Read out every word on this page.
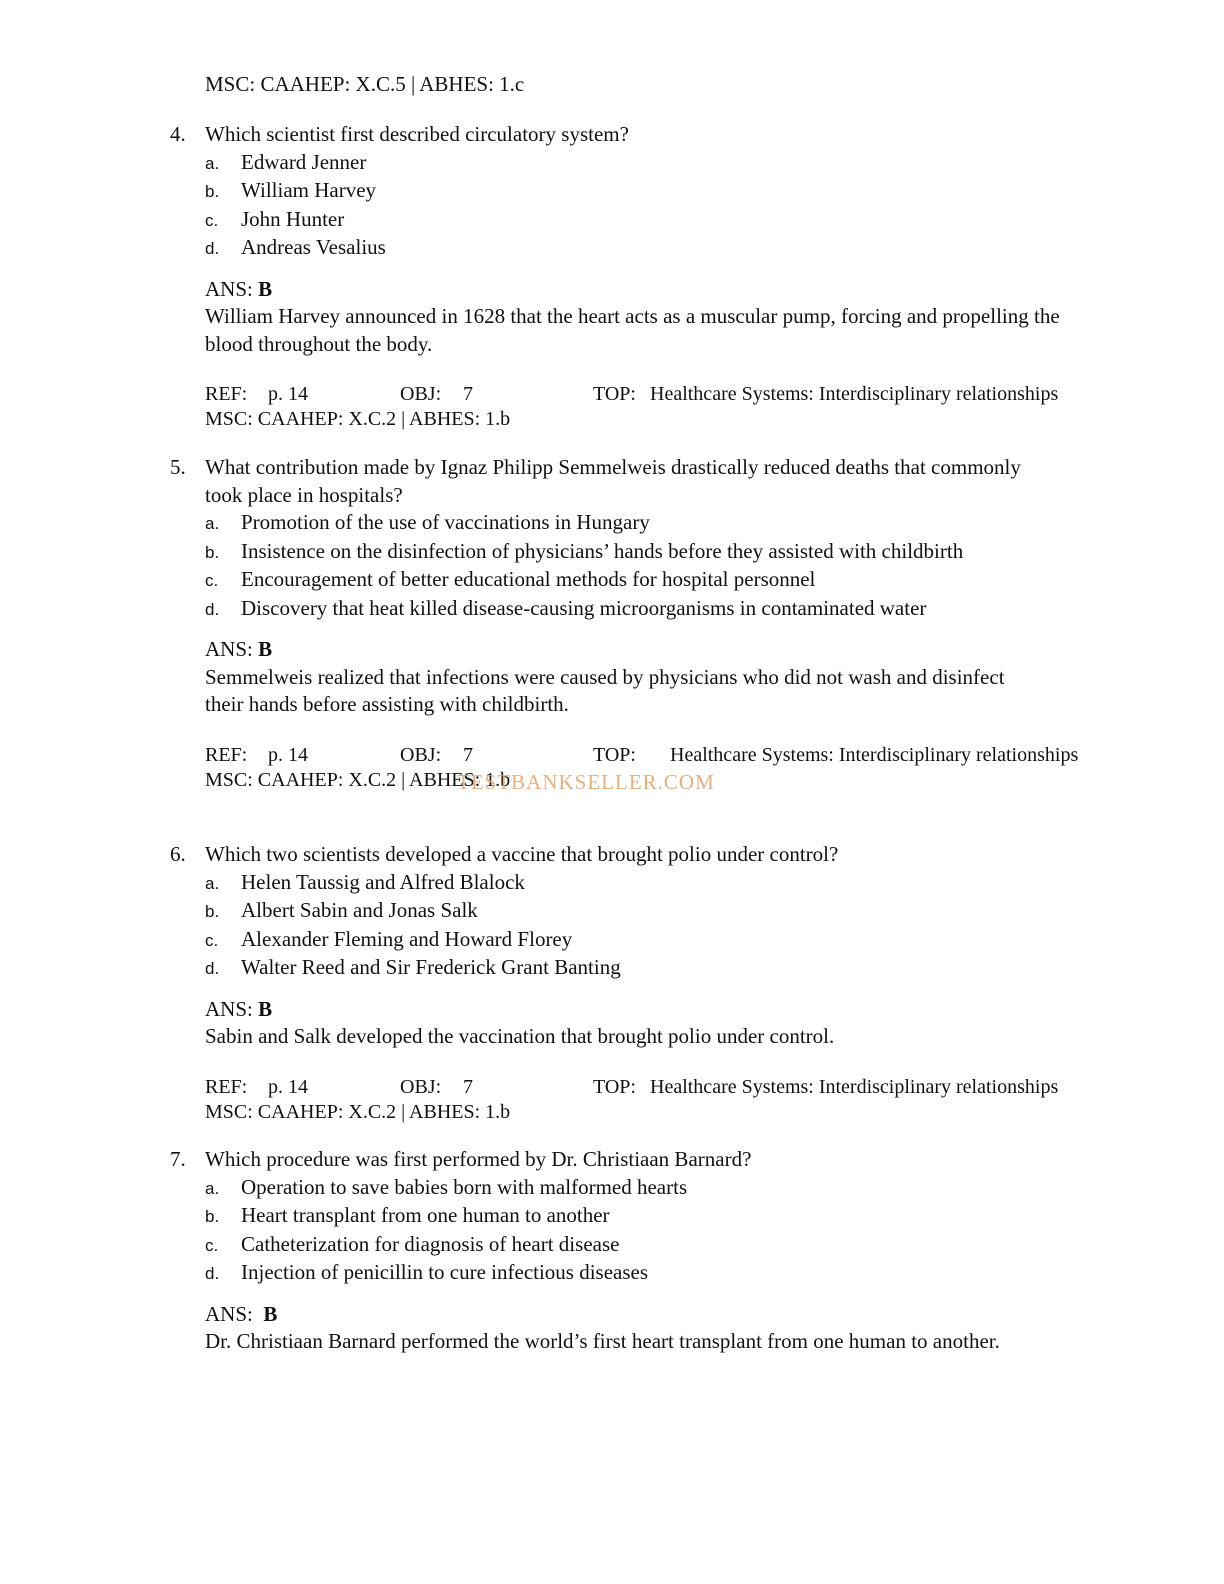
MSC: CAAHEP: X.C.5 | ABHES: 1.c
4. Which scientist first described circulatory system?
a.	Edward Jenner
b.	William Harvey
c.	John Hunter
d.	Andreas Vesalius
ANS: B
William Harvey announced in 1628 that the heart acts as a muscular pump, forcing and propelling the blood throughout the body.
REF: p. 14	OBJ: 7	TOP: Healthcare Systems: Interdisciplinary relationships
MSC: CAAHEP: X.C.2 | ABHES: 1.b
5. What contribution made by Ignaz Philipp Semmelweis drastically reduced deaths that commonly took place in hospitals?
a.	Promotion of the use of vaccinations in Hungary
b.	Insistence on the disinfection of physicians’ hands before they assisted with childbirth
c.	Encouragement of better educational methods for hospital personnel
d.	Discovery that heat killed disease-causing microorganisms in contaminated water
ANS: B
Semmelweis realized that infections were caused by physicians who did not wash and disinfect their hands before assisting with childbirth.
REF: p. 14	OBJ: 7	TOP: Healthcare Systems: Interdisciplinary relationships
MSC: CAAHEP: X.C.2 | ABHES: 1.b
6. Which two scientists developed a vaccine that brought polio under control?
a.	Helen Taussig and Alfred Blalock
b.	Albert Sabin and Jonas Salk
c.	Alexander Fleming and Howard Florey
d.	Walter Reed and Sir Frederick Grant Banting
ANS: B
Sabin and Salk developed the vaccination that brought polio under control.
REF: p. 14	OBJ: 7	TOP: Healthcare Systems: Interdisciplinary relationships
MSC: CAAHEP: X.C.2 | ABHES: 1.b
7. Which procedure was first performed by Dr. Christiaan Barnard?
a.	Operation to save babies born with malformed hearts
b.	Heart transplant from one human to another
c.	Catheterization for diagnosis of heart disease
d.	Injection of penicillin to cure infectious diseases
ANS: B
Dr. Christiaan Barnard performed the world’s first heart transplant from one human to another.
TESTBANKSELLER.COM
